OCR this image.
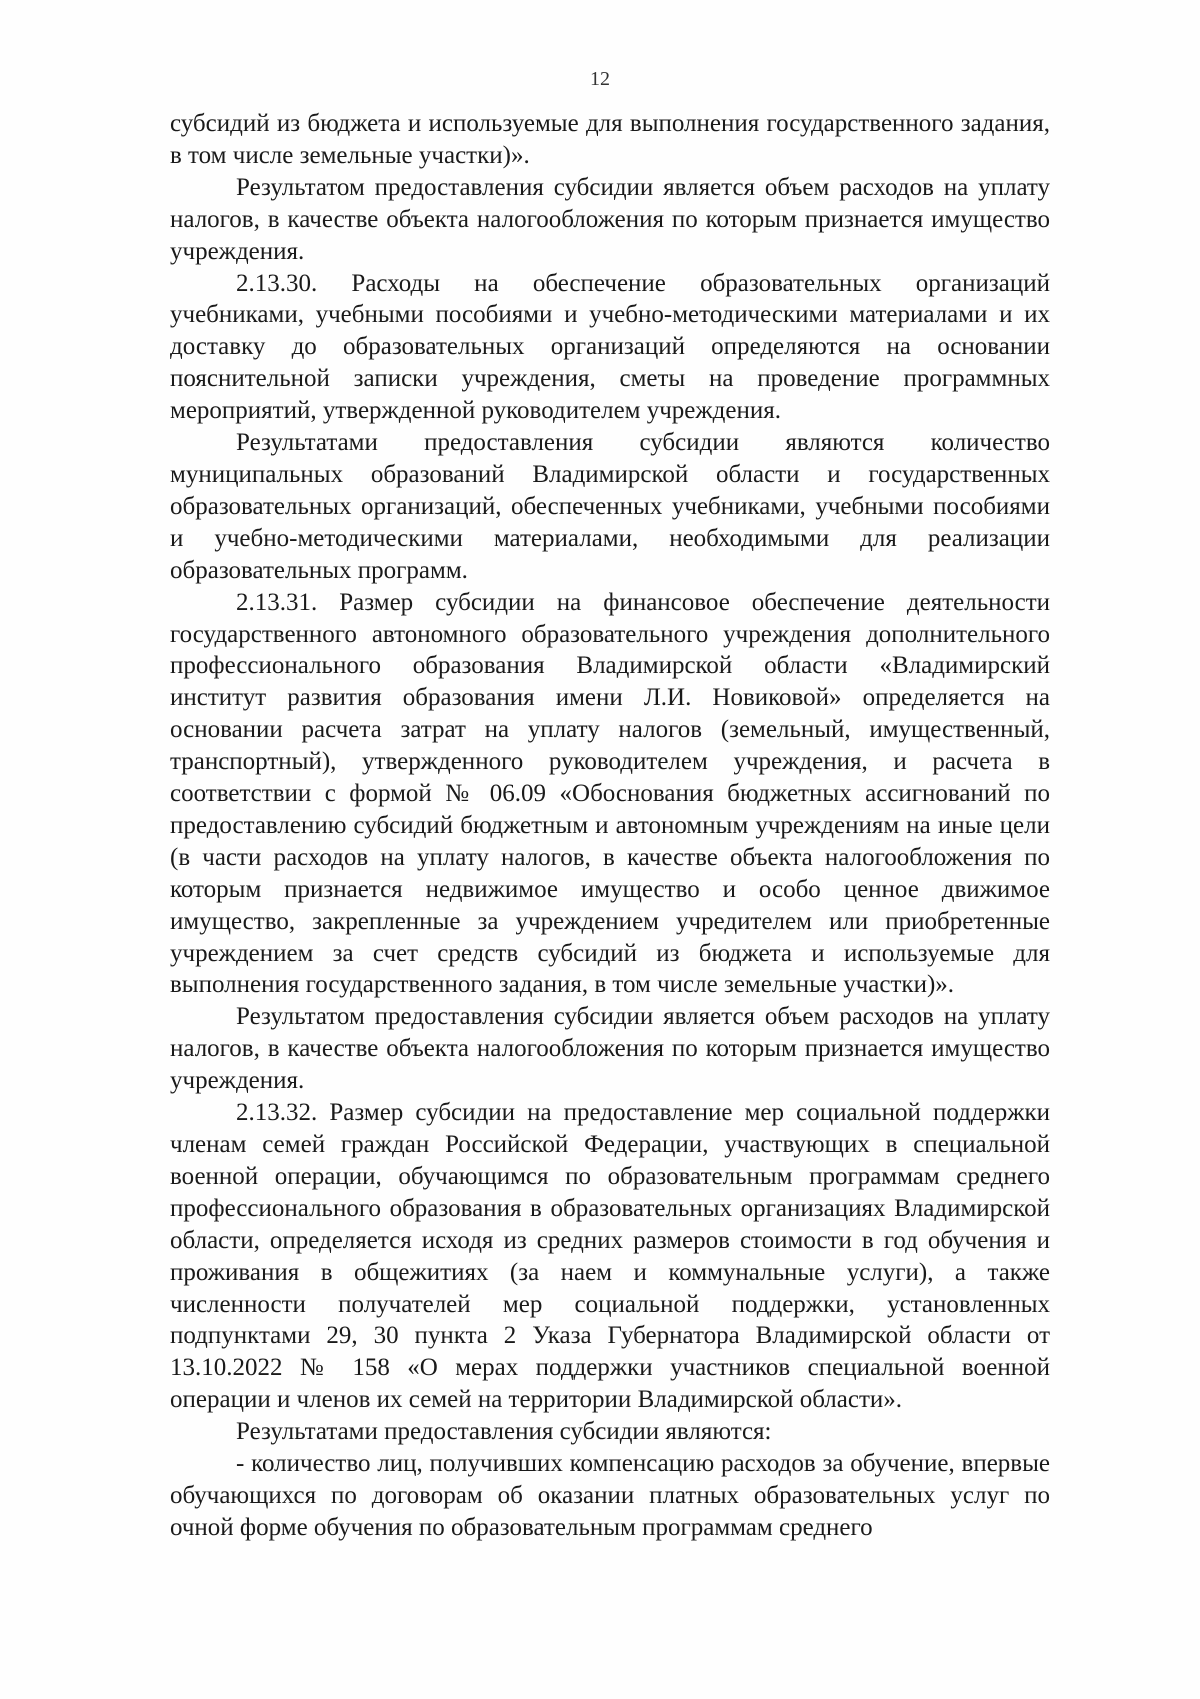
12

субсидий из бюджета и используемые для выполнения государственного задания, в том числе земельные участки)».

Результатом предоставления субсидии является объем расходов на уплату налогов, в качестве объекта налогообложения по которым признается имущество учреждения.

2.13.30. Расходы на обеспечение образовательных организаций учебниками, учебными пособиями и учебно-методическими материалами и их доставку до образовательных организаций определяются на основании пояснительной записки учреждения, сметы на проведение программных мероприятий, утвержденной руководителем учреждения.

Результатами предоставления субсидии являются количество муниципальных образований Владимирской области и государственных образовательных организаций, обеспеченных учебниками, учебными пособиями и учебно-методическими материалами, необходимыми для реализации образовательных программ.

2.13.31. Размер субсидии на финансовое обеспечение деятельности государственного автономного образовательного учреждения дополнительного профессионального образования Владимирской области «Владимирский институт развития образования имени Л.И. Новиковой» определяется на основании расчета затрат на уплату налогов (земельный, имущественный, транспортный), утвержденного руководителем учреждения, и расчета в соответствии с формой № 06.09 «Обоснования бюджетных ассигнований по предоставлению субсидий бюджетным и автономным учреждениям на иные цели (в части расходов на уплату налогов, в качестве объекта налогообложения по которым признается недвижимое имущество и особо ценное движимое имущество, закрепленные за учреждением учредителем или приобретенные учреждением за счет средств субсидий из бюджета и используемые для выполнения государственного задания, в том числе земельные участки)».

Результатом предоставления субсидии является объем расходов на уплату налогов, в качестве объекта налогообложения по которым признается имущество учреждения.

2.13.32. Размер субсидии на предоставление мер социальной поддержки членам семей граждан Российской Федерации, участвующих в специальной военной операции, обучающимся по образовательным программам среднего профессионального образования в образовательных организациях Владимирской области, определяется исходя из средних размеров стоимости в год обучения и проживания в общежитиях (за наем и коммунальные услуги), а также численности получателей мер социальной поддержки, установленных подпунктами 29, 30 пункта 2 Указа Губернатора Владимирской области от 13.10.2022 № 158 «О мерах поддержки участников специальной военной операции и членов их семей на территории Владимирской области».

Результатами предоставления субсидии являются:

- количество лиц, получивших компенсацию расходов за обучение, впервые обучающихся по договорам об оказании платных образовательных услуг по очной форме обучения по образовательным программам среднего
